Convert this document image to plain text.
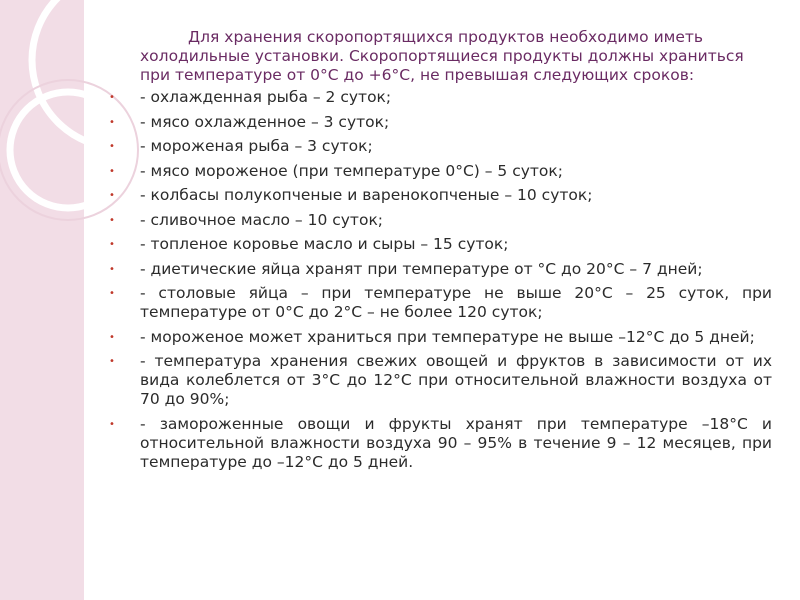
Для хранения скоропортящихся продуктов необходимо иметь холодильные установки. Скоропортящиеся продукты должны храниться при температуре от 0°С до +6°С, не превышая следующих сроков:

• - охлажденная рыба – 2 суток;
• - мясо охлажденное – 3 суток;
• - мороженая рыба – 3 суток;
• - мясо мороженое (при температуре 0°С) – 5 суток;
• - колбасы полукопченые и варенокопченые – 10 суток;
• - сливочное масло – 10 суток;
• - топленое коровье масло и сыры – 15 суток;
• - диетические яйца хранят при температуре от °С до 20°С – 7 дней;
• - столовые яйца – при температуре не выше 20°С – 25 суток, при температуре от 0°С до 2°С – не более 120 суток;
• - мороженое может храниться при температуре не выше –12°С до 5 дней;
• - температура хранения свежих овощей и фруктов в зависимости от их вида колеблется от 3°С до 12°С при относительной влажности воздуха от 70 до 90%;
• - замороженные овощи и фрукты хранят при температуре –18°С и относительной влажности воздуха 90 – 95% в течение 9 – 12 месяцев, при температуре до –12°С до 5 дней.
